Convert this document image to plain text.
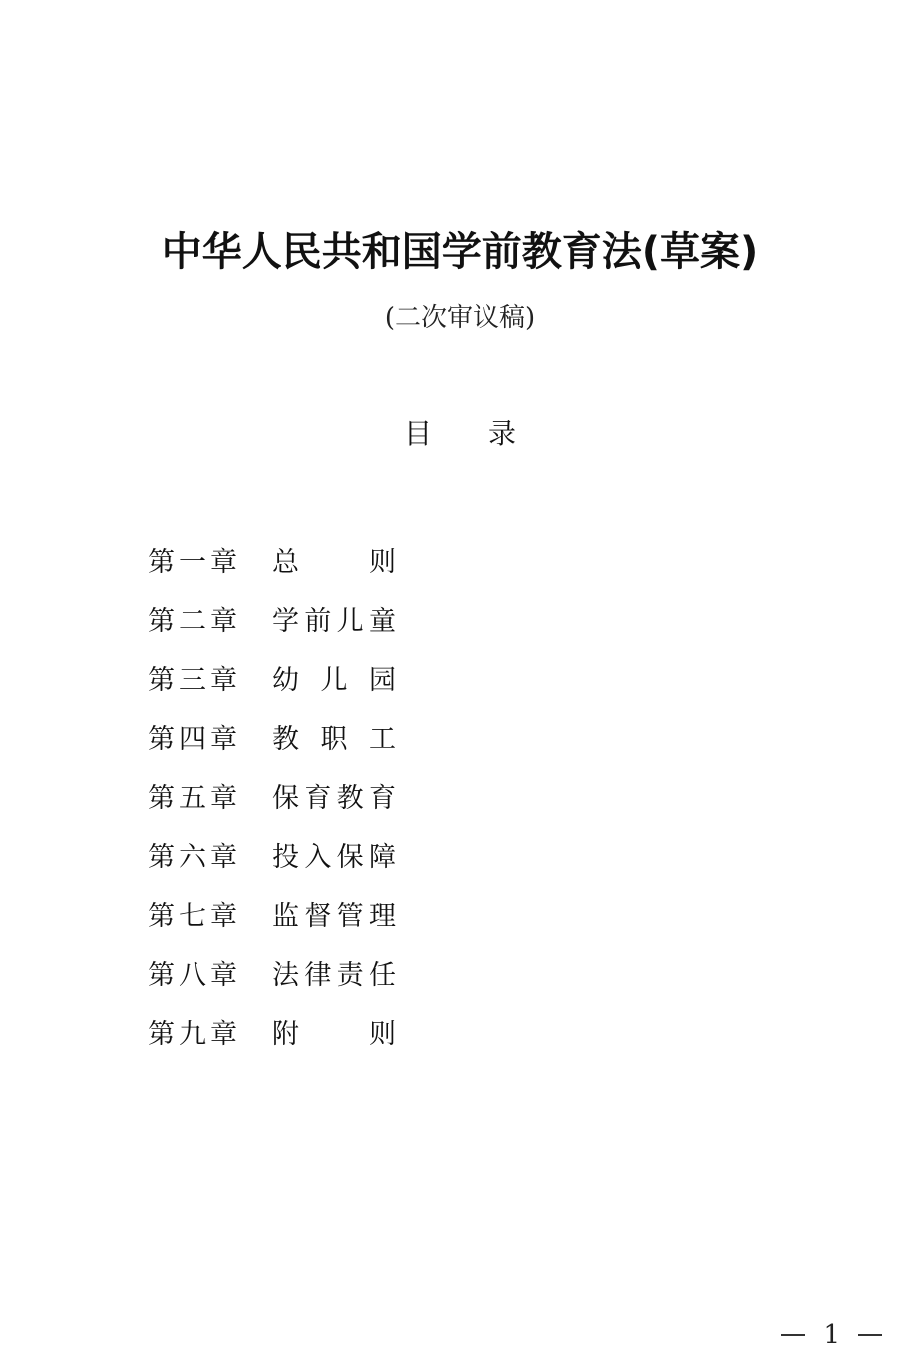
中华人民共和国学前教育法(草案)
(二次审议稿)
目 录
第一章	总	则
第二章	学 前 儿 童
第三章	幼 儿 园
第四章	教 职 工
第五章	保 育 教 育
第六章	投 入 保 障
第七章	监 督 管 理
第八章	法 律 责 任
第九章	附	则
1
